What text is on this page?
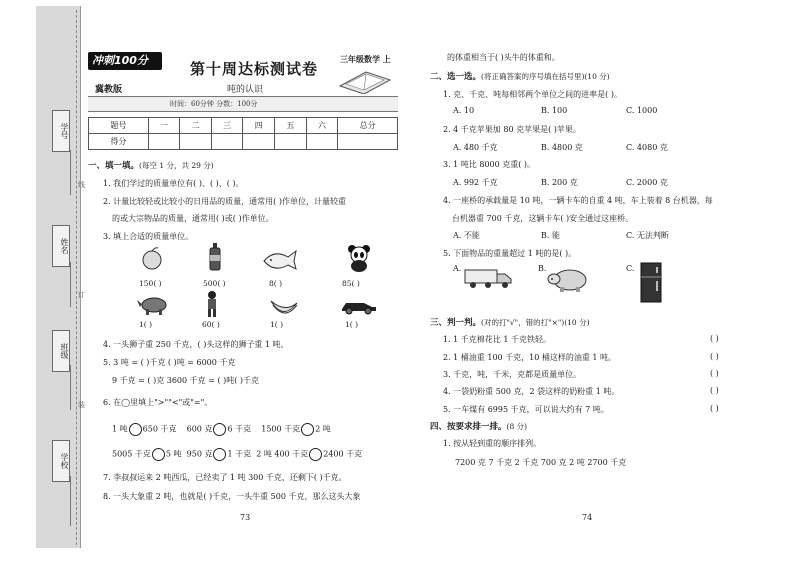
学号
姓名
班级
学校
线
订
装
冲刺100分
冀教版
第十周达标测试卷
吨的认识
三年级数学 上
时间：60分钟 分数：100分
题号	一	二	三	四	五	六	总分
得分							
一、填一填。(每空 1 分，共 29 分)
1. 我们学过的质量单位有( )、( )、( )。
2. 计量比较轻或比较小的日用品的质量，通常用( )作单位，计量较重
的或大宗物品的质量，通常用( )或( )作单位。
3. 填上合适的质量单位。
150( )	500( )	8( )	85( )
1( )	60( )	1( )	1( )
4. 一头狮子重 250 千克，( )头这样的狮子重 1 吨。
5. 3 吨 = ( )千克 ( )吨 = 6000 千克
9 千克 = ( )克 3600 千克 = ( )吨( )千克
6. 在◯里填上">""<"或"="。
1 吨 650 千克 600 克 6 千克 1500 千克 2 吨
5005 千克 5 吨 950 克 1 千克 2 吨 400 千克 2400 千克
7. 李叔叔运来 2 吨西瓜，已经卖了 1 吨 300 千克，还剩下( )千克。
8. 一头大象重 2 吨，也就是( )千克，一头牛重 500 千克，那么这头大象
73
的体重相当于( )头牛的体重和。
二、选一选。(将正确答案的序号填在括号里)(10 分)
1. 克、千克、吨每相邻两个单位之间的进率是( )。
A. 10	B. 100	C. 1000
2. 4 千克苹果加 80 克苹果是( )苹果。
A. 480 千克	B. 4800 克	C. 4080 克
3. 1 吨比 8000 克重( )。
A. 992 千克	B. 200 克	C. 2000 克
4. 一座桥的承载量是 10 吨，一辆卡车的自重 4 吨，车上装着 8 台机器，每
台机器重 700 千克，这辆卡车( )安全通过这座桥。
A. 不能	B. 能	C. 无法判断
5. 下面物品的重量超过 1 吨的是( )。
A.	B.	C.
三、判一判。(对的打"√"，错的打"×")(10 分)
1. 1 千克棉花比 1 千克铁轻。	( )
2. 1 桶油重 100 千克，10 桶这样的油重 1 吨。	( )
3. 千克，吨，千米，克都是质量单位。	( )
4. 一袋奶粉重 500 克，2 袋这样的奶粉重 1 吨。	( )
5. 一车煤有 6995 千克，可以说大约有 7 吨。	( )
四、按要求排一排。(8 分)
1. 按从轻到重的顺序排列。
7200 克 7 千克 2 千克 700 克 2 吨 2700 千克
74
